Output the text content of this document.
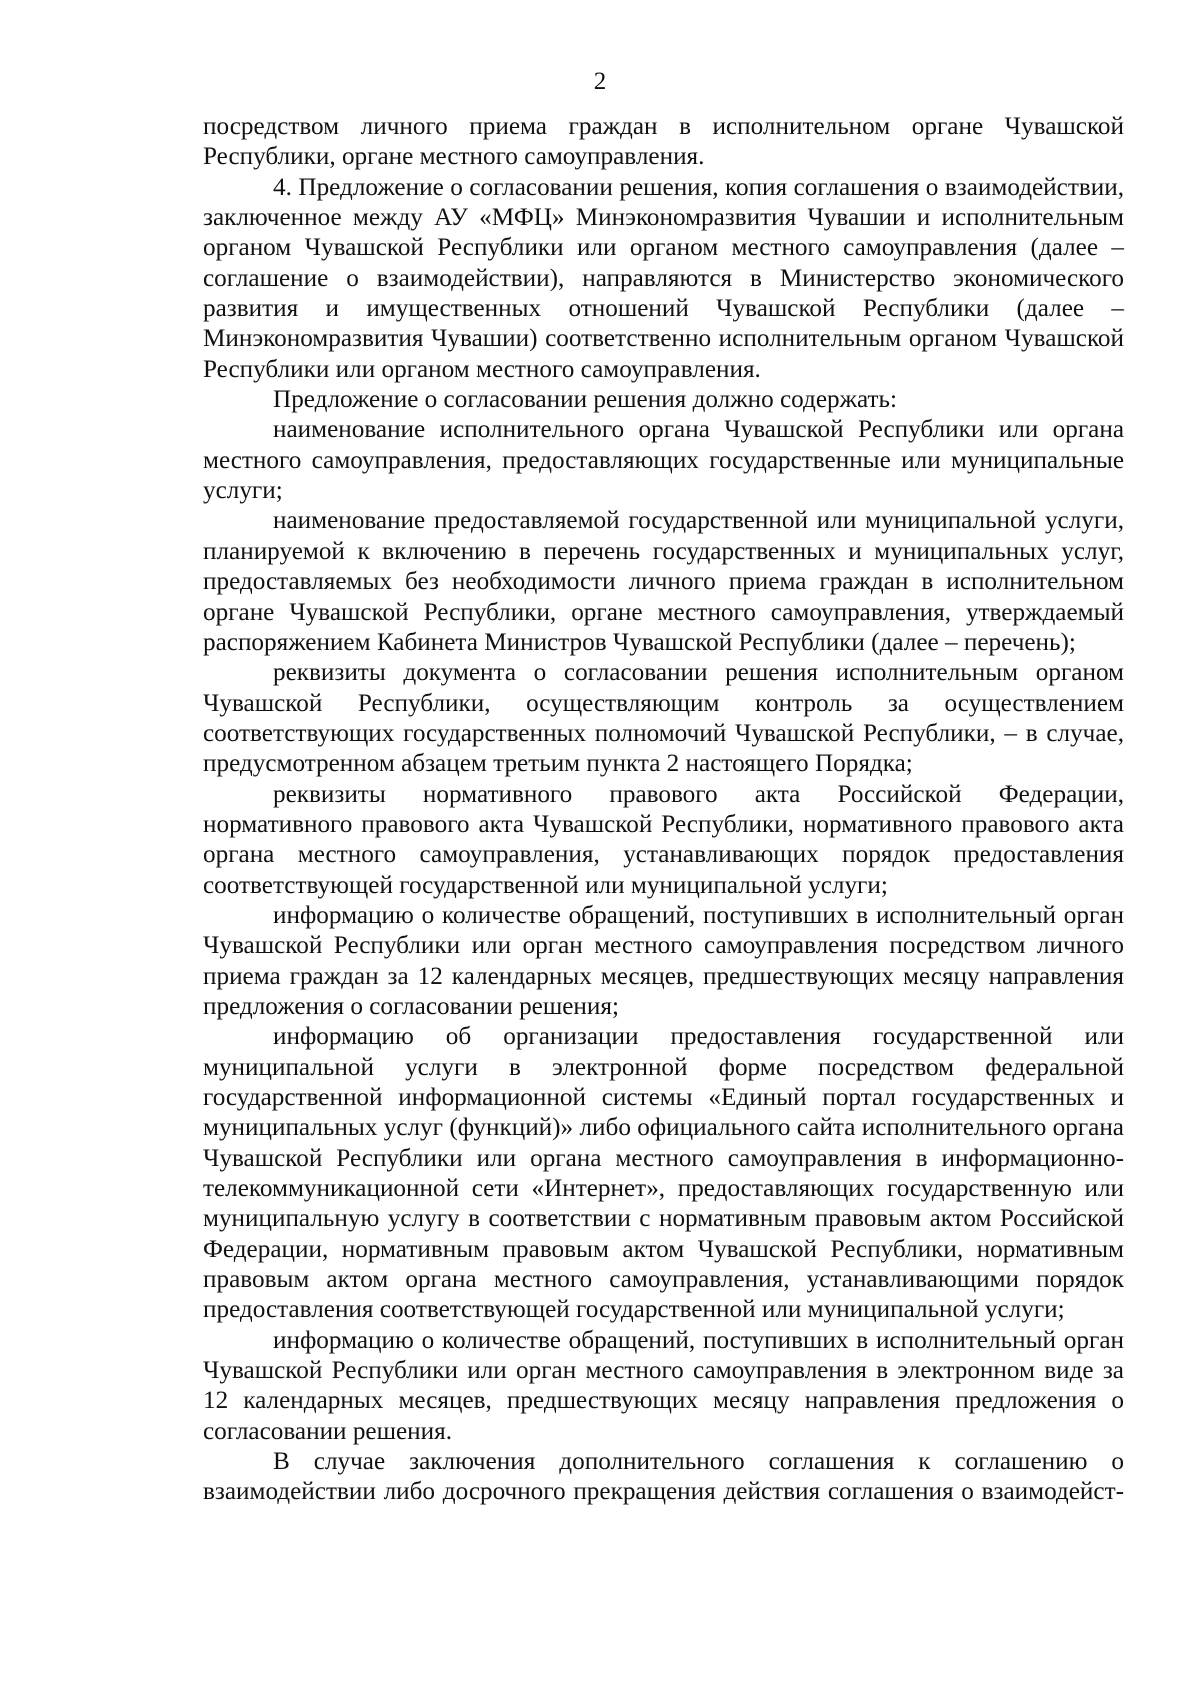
2

посредством личного приема граждан в исполнительном органе Чувашской Республики, органе местного самоуправления.

4. Предложение о согласовании решения, копия соглашения о взаимодействии, заключенное между АУ «МФЦ» Минэкономразвития Чувашии и исполнительным органом Чувашской Республики или органом местного самоуправления (далее – соглашение о взаимодействии), направляются в Министерство экономического развития и имущественных отношений Чувашской Республики (далее – Минэкономразвития Чувашии) соответственно исполнительным органом Чувашской Республики или органом местного самоуправления.

Предложение о согласовании решения должно содержать:

наименование исполнительного органа Чувашской Республики или органа местного самоуправления, предоставляющих государственные или муниципальные услуги;

наименование предоставляемой государственной или муниципальной услуги, планируемой к включению в перечень государственных и муниципальных услуг, предоставляемых без необходимости личного приема граждан в исполнительном органе Чувашской Республики, органе местного самоуправления, утверждаемый распоряжением Кабинета Министров Чувашской Республики (далее – перечень);

реквизиты документа о согласовании решения исполнительным органом Чувашской Республики, осуществляющим контроль за осуществлением соответствующих государственных полномочий Чувашской Республики, – в случае, предусмотренном абзацем третьим пункта 2 настоящего Порядка;

реквизиты нормативного правового акта Российской Федерации, нормативного правового акта Чувашской Республики, нормативного правового акта органа местного самоуправления, устанавливающих порядок предоставления соответствующей государственной или муниципальной услуги;

информацию о количестве обращений, поступивших в исполнительный орган Чувашской Республики или орган местного самоуправления посредством личного приема граждан за 12 календарных месяцев, предшествующих месяцу направления предложения о согласовании решения;

информацию об организации предоставления государственной или муниципальной услуги в электронной форме посредством федеральной государственной информационной системы «Единый портал государственных и муниципальных услуг (функций)» либо официального сайта исполнительного органа Чувашской Республики или органа местного самоуправления в информационно-телекоммуникационной сети «Интернет», предоставляющих государственную или муниципальную услугу в соответствии с нормативным правовым актом Российской Федерации, нормативным правовым актом Чувашской Республики, нормативным правовым актом органа местного самоуправления, устанавливающими порядок предоставления соответствующей государственной или муниципальной услуги;

информацию о количестве обращений, поступивших в исполнительный орган Чувашской Республики или орган местного самоуправления в электронном виде за 12 календарных месяцев, предшествующих месяцу направления предложения о согласовании решения.

В случае заключения дополнительного соглашения к соглашению о взаимодействии либо досрочного прекращения действия соглашения о взаимодейст-
